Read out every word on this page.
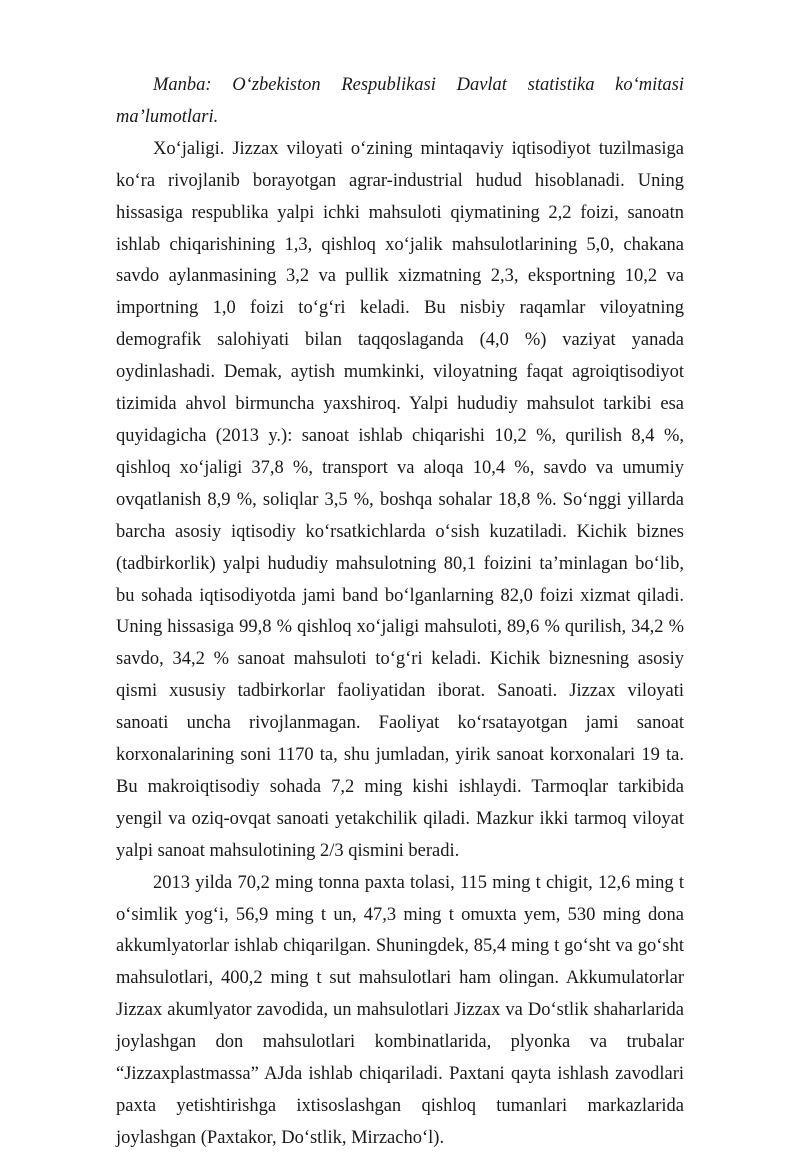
Manba: O‘zbekiston Respublikasi Davlat statistika ko‘mitasi ma’lumotlari.

Xo‘jaligi. Jizzax viloyati o‘zining mintaqaviy iqtisodiyot tuzilmasiga ko‘ra rivojlanib borayotgan agrar-industrial hudud hisoblanadi. Uning hissasiga respublika yalpi ichki mahsuloti qiymatining 2,2 foizi, sanoatn ishlab chiqarishining 1,3, qishloq xo‘jalik mahsulotlarining 5,0, chakana savdo aylanmasining 3,2 va pullik xizmatning 2,3, eksportning 10,2 va importning 1,0 foizi to‘g‘ri keladi. Bu nisbiy raqamlar viloyatning demografik salohiyati bilan taqqoslaganda (4,0 %) vaziyat yanada oydinlashadi. Demak, aytish mumkinki, viloyatning faqat agroiqtisodiyot tizimida ahvol birmuncha yaxshiroq. Yalpi hududiy mahsulot tarkibi esa quyidagicha (2013 y.): sanoat ishlab chiqarishi 10,2 %, qurilish 8,4 %, qishloq xo‘jaligi 37,8 %, transport va aloqa 10,4 %, savdo va umumiy ovqatlanish 8,9 %, soliqlar 3,5 %, boshqa sohalar 18,8 %. So‘nggi yillarda barcha asosiy iqtisodiy ko‘rsatkichlarda o‘sish kuzatiladi. Kichik biznes (tadbirkorlik) yalpi hududiy mahsulotning 80,1 foizini ta’minlagan bo‘lib, bu sohada iqtisodiyotda jami band bo‘lganlarning 82,0 foizi xizmat qiladi. Uning hissasiga 99,8 % qishloq xo‘jaligi mahsuloti, 89,6 % qurilish, 34,2 % savdo, 34,2 % sanoat mahsuloti to‘g‘ri keladi. Kichik biznesning asosiy qismi xususiy tadbirkorlar faoliyatidan iborat. Sanoati. Jizzax viloyati sanoati uncha rivojlanmagan. Faoliyat ko‘rsatayotgan jami sanoat korxonalarining soni 1170 ta, shu jumladan, yirik sanoat korxonalari 19 ta. Bu makroiqtisodiy sohada 7,2 ming kishi ishlaydi. Tarmoqlar tarkibida yengil va oziq-ovqat sanoati yetakchilik qiladi. Mazkur ikki tarmoq viloyat yalpi sanoat mahsulotining 2/3 qismini beradi.

2013 yilda 70,2 ming tonna paxta tolasi, 115 ming t chigit, 12,6 ming t o‘simlik yog‘i, 56,9 ming t un, 47,3 ming t omuxta yem, 530 ming dona akkumlyatorlar ishlab chiqarilgan. Shuningdek, 85,4 ming t go‘sht va go‘sht mahsulotlari, 400,2 ming t sut mahsulotlari ham olingan. Akkumulatorlar Jizzax akumlyator zavodida, un mahsulotlari Jizzax va Do‘stlik shaharlarida joylashgan don mahsulotlari kombinatlarida, plyonka va trubalar “Jizzaxplastmassa” AJda ishlab chiqariladi. Paxtani qayta ishlash zavodlari paxta yetishtirishga ixtisoslashgan qishloq tumanlari markazlarida joylashgan (Paxtakor, Do‘stlik, Mirzacho‘l).
